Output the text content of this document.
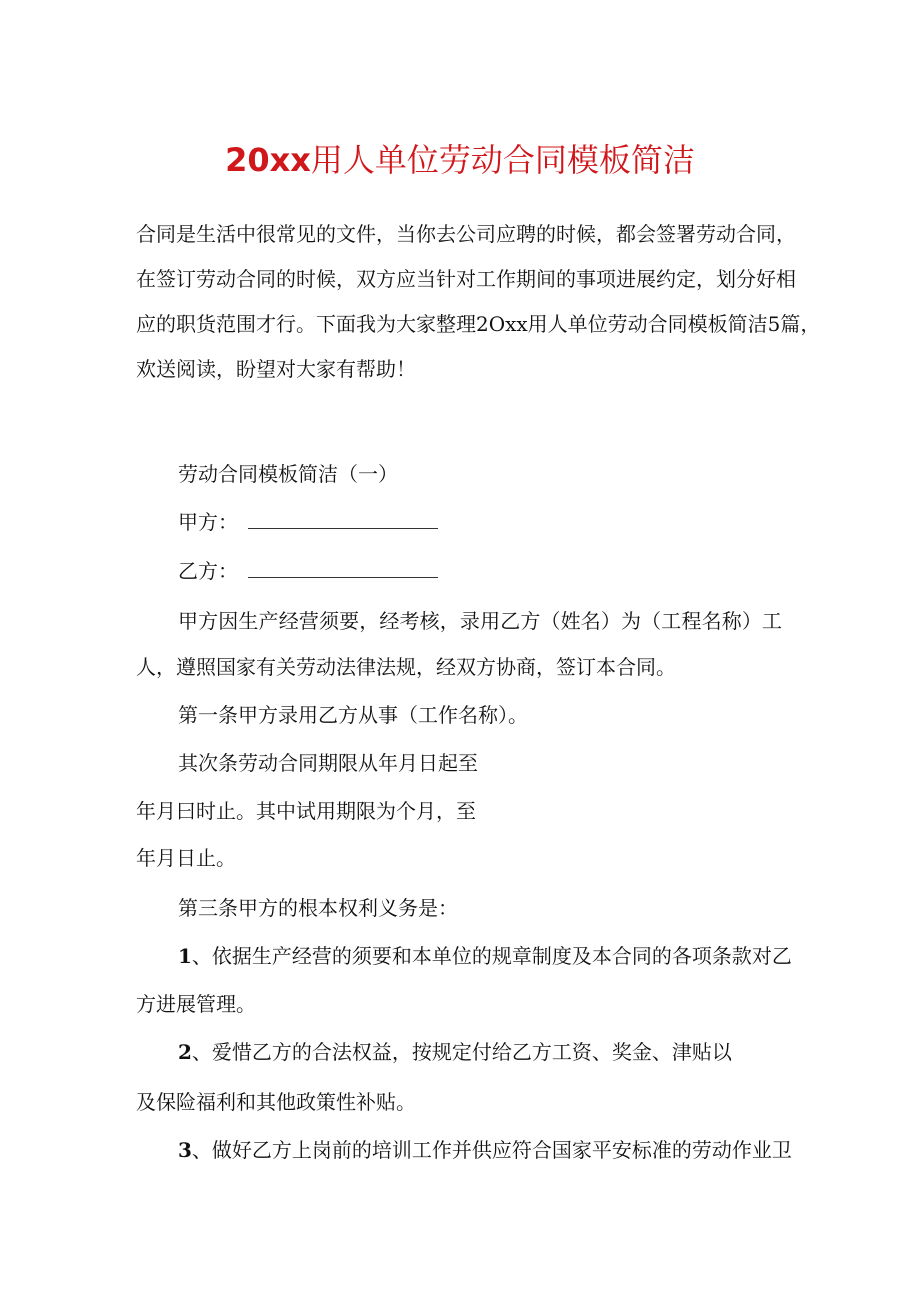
20xx用人单位劳动合同模板简洁
合同是生活中很常见的文件，当你去公司应聘的时候，都会签署劳动合同，
在签订劳动合同的时候，双方应当针对工作期间的事项进展约定，划分好相
应的职货范围才行。下面我为大家整理2Oxx用人单位劳动合同模板简洁5篇，
欢送阅读，盼望对大家有帮助！
劳动合同模板简洁（一）
甲方：
乙方：
甲方因生产经营须要，经考核，录用乙方（姓名）为（工程名称）工
人，遵照国家有关劳动法律法规，经双方协商，签订本合同。
第一条甲方录用乙方从事（工作名称）。
其次条劳动合同期限从年月日起至
年月曰时止。其中试用期限为个月，至
年月日止。
第三条甲方的根本权利义务是：
1、依据生产经营的须要和本单位的规章制度及本合同的各项条款对乙
方进展管理。
2、爱惜乙方的合法权益，按规定付给乙方工资、奖金、津贴以
及保险福利和其他政策性补贴。
3、做好乙方上岗前的培训工作并供应符合国家平安标准的劳动作业卫
